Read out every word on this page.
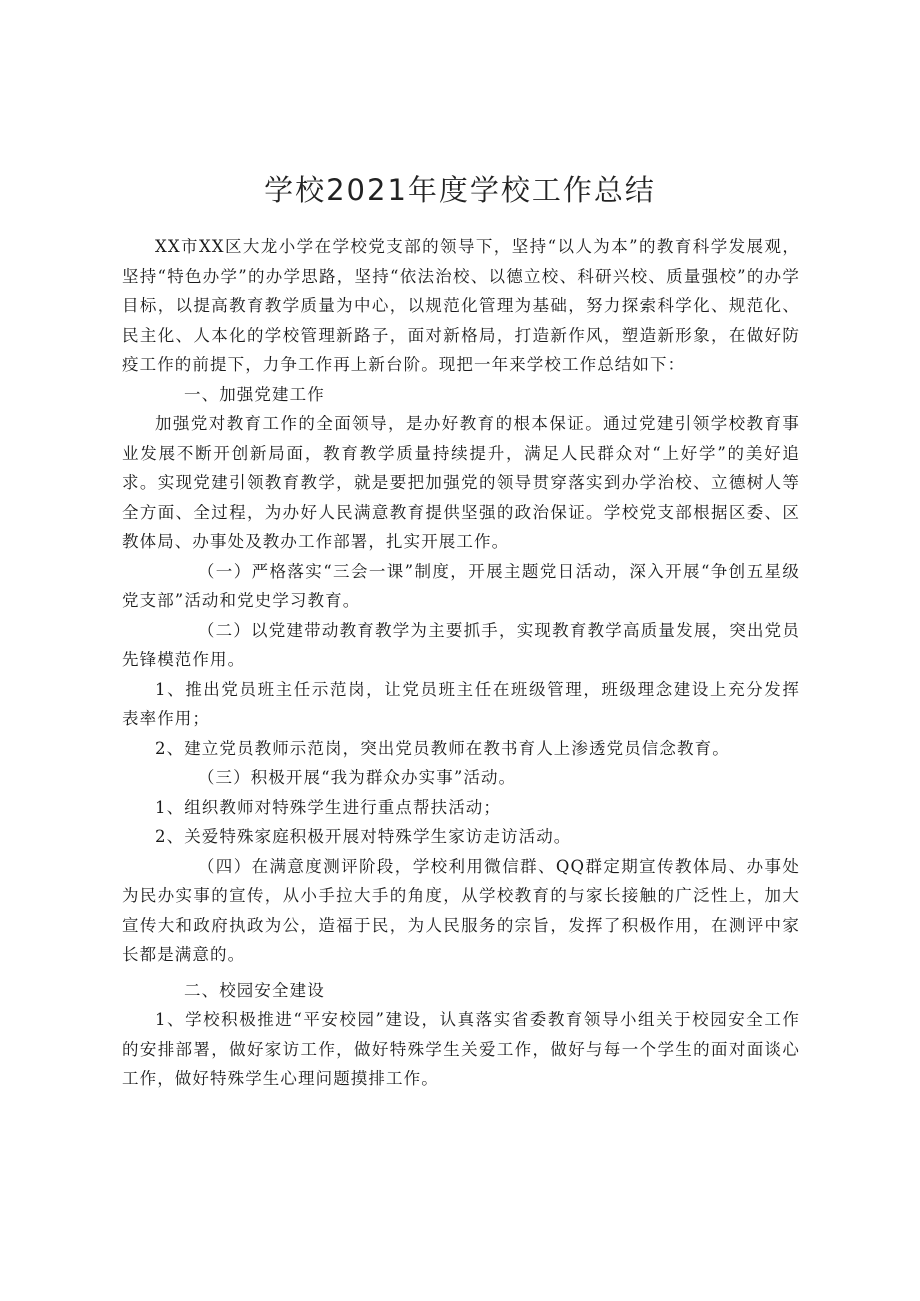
学校2021年度学校工作总结

XX市XX区大龙小学在学校党支部的领导下，坚持“以人为本”的教育科学发展观，坚持“特色办学”的办学思路，坚持“依法治校、以德立校、科研兴校、质量强校”的办学目标，以提高教育教学质量为中心，以规范化管理为基础，努力探索科学化、规范化、民主化、人本化的学校管理新路子，面对新格局，打造新作风，塑造新形象，在做好防疫工作的前提下，力争工作再上新台阶。现把一年来学校工作总结如下：

一、加强党建工作

加强党对教育工作的全面领导，是办好教育的根本保证。通过党建引领学校教育事业发展不断开创新局面，教育教学质量持续提升，满足人民群众对“上好学”的美好追求。实现党建引领教育教学，就是要把加强党的领导贯穿落实到办学治校、立德树人等全方面、全过程，为办好人民满意教育提供坚强的政治保证。学校党支部根据区委、区教体局、办事处及教办工作部署，扎实开展工作。

（一）严格落实“三会一课”制度，开展主题党日活动，深入开展“争创五星级党支部”活动和党史学习教育。

（二）以党建带动教育教学为主要抓手，实现教育教学高质量发展，突出党员先锋模范作用。

1、推出党员班主任示范岗，让党员班主任在班级管理，班级理念建设上充分发挥表率作用；

2、建立党员教师示范岗，突出党员教师在教书育人上渗透党员信念教育。

（三）积极开展“我为群众办实事”活动。

1、组织教师对特殊学生进行重点帮扶活动；

2、关爱特殊家庭积极开展对特殊学生家访走访活动。

（四）在满意度测评阶段，学校利用微信群、QQ群定期宣传教体局、办事处为民办实事的宣传，从小手拉大手的角度，从学校教育的与家长接触的广泛性上，加大宣传大和政府执政为公，造福于民，为人民服务的宗旨，发挥了积极作用，在测评中家长都是满意的。

二、校园安全建设

1、学校积极推进“平安校园”建设，认真落实省委教育领导小组关于校园安全工作的安排部署，做好家访工作，做好特殊学生关爱工作，做好与每一个学生的面对面谈心工作，做好特殊学生心理问题摸排工作。
